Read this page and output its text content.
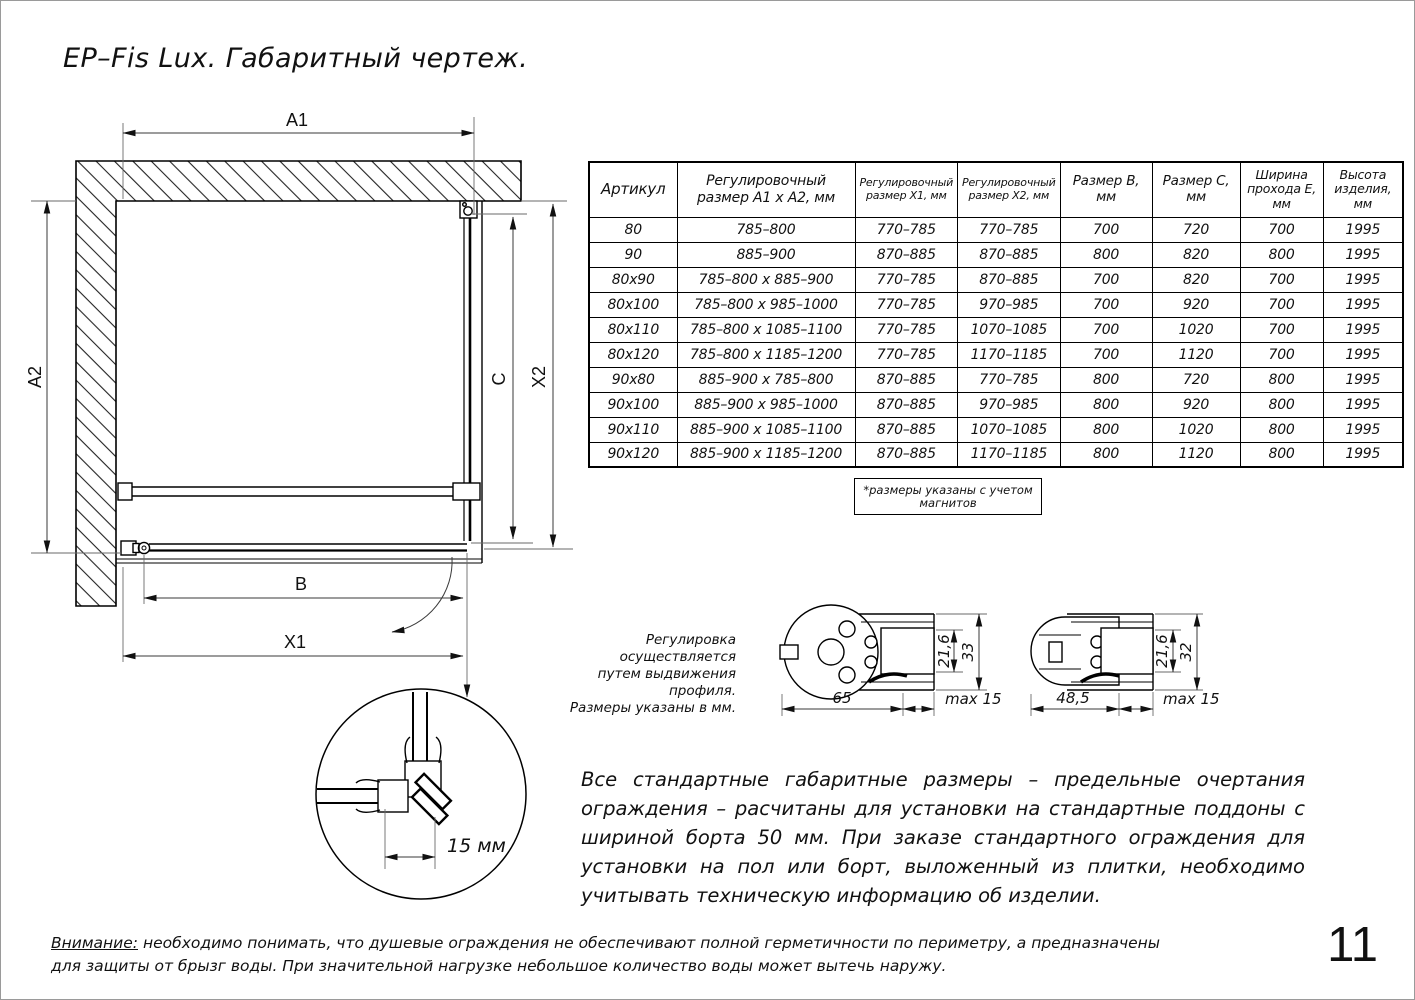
A1
A2
B
X1
C X2
15 мм
65	max 15
21,6 33
48,5	max 15
21,6 32
EP–Fis Lux. Габаритный чертеж.
Артикул	Регулировочный размер А1 х А2, мм	Регулировочный размер Х1, мм	Регулировочный размер Х2, мм	Размер В, мм	Размер С, мм	Ширина прохода Е, мм	Высота изделия, мм
80	785–800	770–785	770–785	700	720	700	1995
90	885–900	870–885	870–885	800	820	800	1995
80х90	785–800 х 885–900	770–785	870–885	700	820	700	1995
80х100	785–800 х 985–1000	770–785	970–985	700	920	700	1995
80х110	785–800 х 1085–1100	770–785	1070–1085	700	1020	700	1995
80х120	785–800 х 1185–1200	770–785	1170–1185	700	1120	700	1995
90х80	885–900 х 785–800	870–885	770–785	800	720	800	1995
90х100	885–900 х 985–1000	870–885	970–985	800	920	800	1995
90х110	885–900 х 1085–1100	870–885	1070–1085	800	1020	800	1995
90х120	885–900 х 1185–1200	870–885	1170–1185	800	1120	800	1995
*размеры указаны с учетом магнитов
Регулировка осуществляется
путем выдвижения профиля.
Размеры указаны в мм.
Все стандартные габаритные размеры – предельные очертания ограждения – расчитаны для установки на стандартные поддоны с шириной борта 50 мм. При заказе стандартного ограждения для установки на пол или борт, выложенный из плитки, необходимо учитывать техническую информацию об изделии.
Внимание: необходимо понимать, что душевые ограждения не обеспечивают полной герметичности по периметру, а предназначены
для защиты от брызг воды. При значительной нагрузке небольшое количество воды может вытечь наружу.	11
